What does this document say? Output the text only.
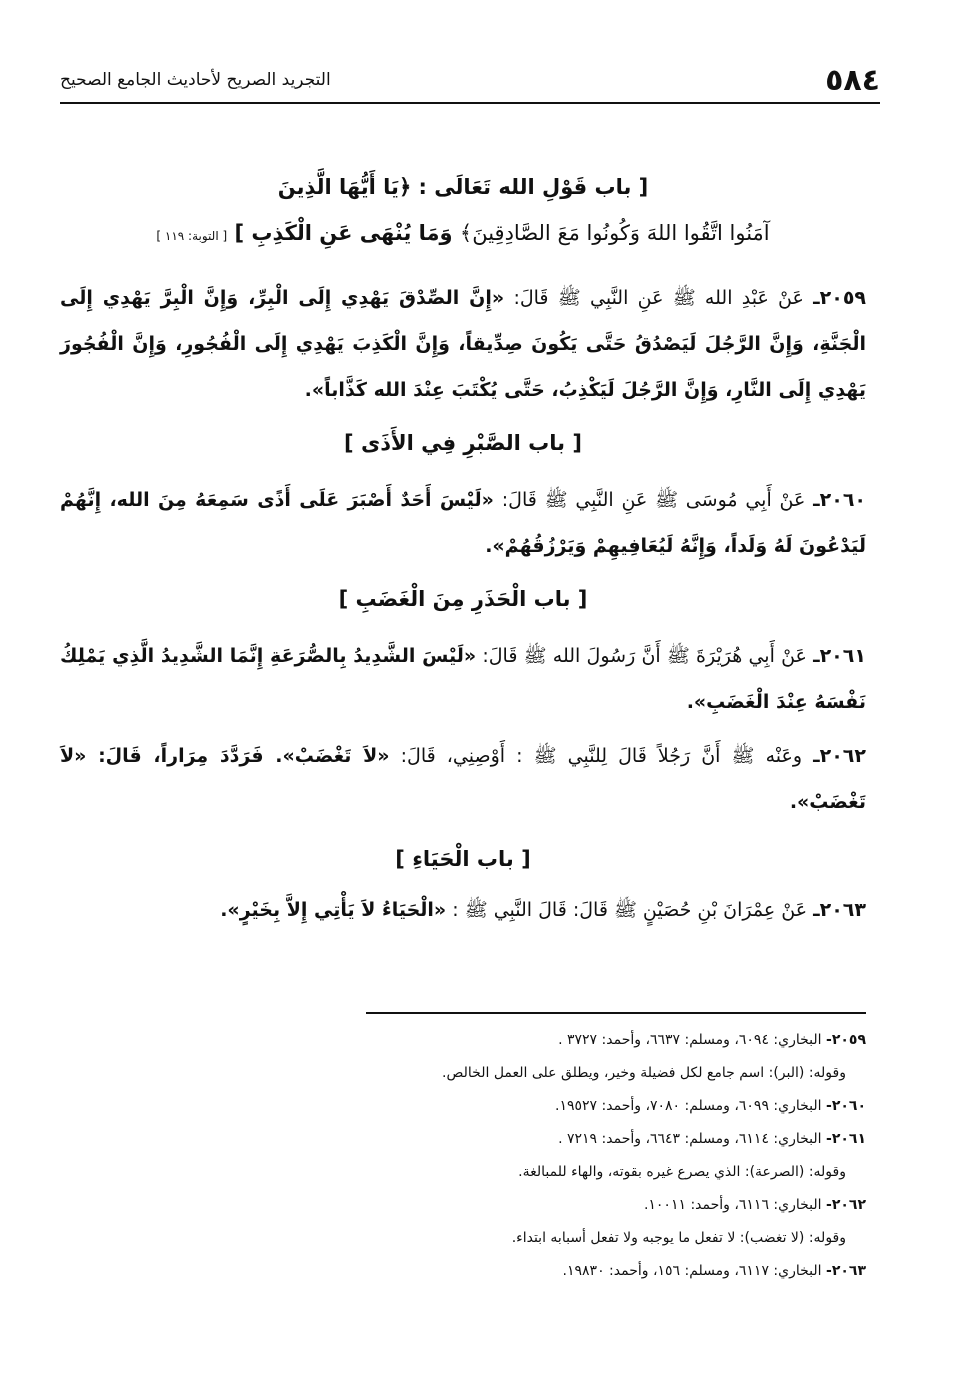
٥٨٤
التجريد الصريح لأحاديث الجامع الصحيح

[ باب قَوْلِ الله تَعَالَى : ﴿يَا أَيُّهَا الَّذِينَ
آمَنُوا اتَّقُوا اللهَ وَكُونُوا مَعَ الصَّادِقِينَ﴾ وَمَا يُنْهَى عَنِ الْكَذِبِ ] [ التوبة: ١١٩ ]

٢٠٥٩ـ عَنْ عَبْدِ الله ﷺ عَنِ النَّبِي ﷺ قَالَ: «إِنَّ الصِّدْقَ يَهْدِي إِلَى الْبِرِّ، وَإِنَّ الْبِرَّ يَهْدِي إِلَى الْجَنَّةِ، وَإِنَّ الرَّجُلَ لَيَصْدُقُ حَتَّى يَكُونَ صِدِّيقاً، وَإِنَّ الْكَذِبَ يَهْدِي إِلَى الْفُجُورِ، وَإِنَّ الْفُجُورَ يَهْدِي إِلَى النَّارِ، وَإِنَّ الرَّجُلَ لَيَكْذِبُ، حَتَّى يُكْتَبَ عِنْدَ الله كَذَّاباً».

[ باب الصَّبْرِ فِي الأَذَى ]

٢٠٦٠ـ عَنْ أَبِي مُوسَى ﷺ عَنِ النَّبِي ﷺ قَالَ: «لَيْسَ أَحَدٌ أَصْبَرَ عَلَى أَذًى سَمِعَهُ مِنَ الله، إِنَّهُمْ لَيَدْعُونَ لَهُ وَلَداً، وَإِنَّهُ لَيُعَافِيهِمْ وَيَرْزُقُهُمْ».

[ باب الْحَذَرِ مِنَ الْغَضَبِ ]

٢٠٦١ـ عَنْ أَبِي هُرَيْرَةَ ﷺ أَنَّ رَسُولَ الله ﷺ قَالَ: «لَيْسَ الشَّدِيدُ بِالصُّرَعَةِ إِنَّمَا الشَّدِيدُ الَّذِي يَمْلِكُ نَفْسَهُ عِنْدَ الْغَضَبِ».

٢٠٦٢ـ وعَنْه ﷺ أَنَّ رَجُلاً قَالَ لِلنَّبِي ﷺ : أَوْصِنِي، قَالَ: «لاَ تَغْضَبْ». فَرَدَّدَ مِرَاراً، قَالَ: «لاَ تَغْضَبْ».

[ باب الْحَيَاءِ ]

٢٠٦٣ـ عَنْ عِمْرَانَ بْنِ حُصَيْنٍ ﷺ قَالَ: قَالَ النَّبِي ﷺ : «الْحَيَاءُ لاَ يَأْتِي إِلاَّ بِخَيْرٍ».

٢٠٥٩- البخاري: ٦٠٩٤، ومسلم: ٦٦٣٧، وأحمد: ٣٧٢٧ .

وقوله: (البر): اسم جامع لكل فضيلة وخير، ويطلق على العمل الخالص.

٢٠٦٠- البخاري: ٦٠٩٩، ومسلم: ٧٠٨٠، وأحمد: ١٩٥٢٧.

٢٠٦١- البخاري: ٦١١٤، ومسلم: ٦٦٤٣، وأحمد: ٧٢١٩ .

وقوله: (الصرعة): الذي يصرع غيره بقوته، والهاء للمبالغة.

٢٠٦٢- البخاري: ٦١١٦، وأحمد: ١٠٠١١.

وقوله: (لا تغضب): لا تفعل ما يوجبه ولا تفعل أسبابه ابتداء.

٢٠٦٣- البخاري: ٦١١٧، ومسلم: ١٥٦، وأحمد: ١٩٨٣٠.
